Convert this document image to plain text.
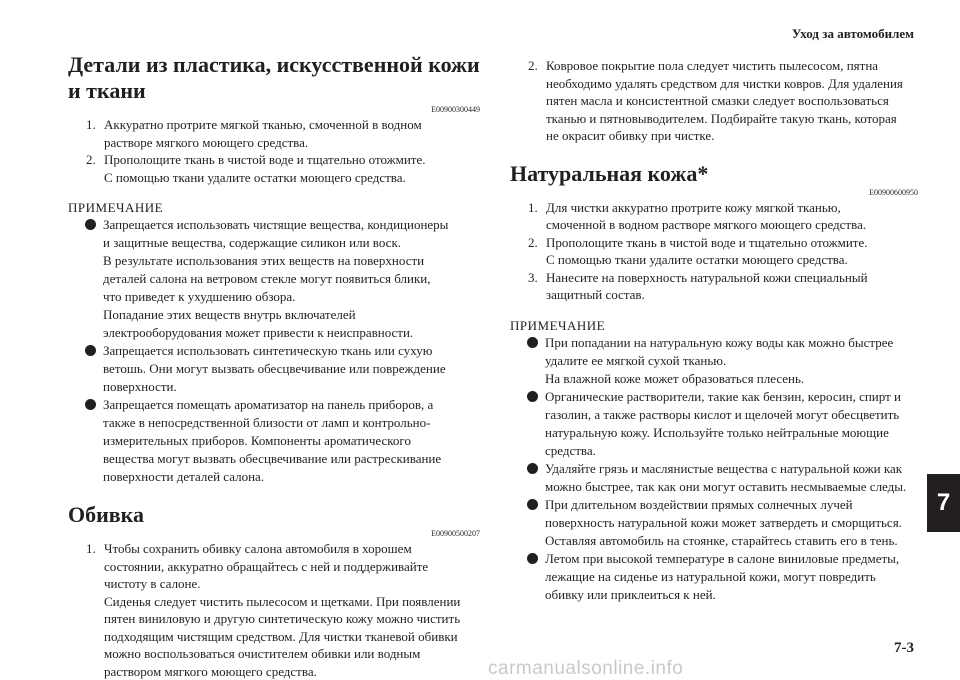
Уход за автомобилем
Детали из пластика, искусственной кожи
и ткани
E00900300449
1. Аккуратно протрите мягкой тканью, смоченной в водном
растворе мягкого моющего средства.
2. Прополощите ткань в чистой воде и тщательно отожмите.
С помощью ткани удалите остатки моющего средства.
ПРИМЕЧАНИЕ
Запрещается использовать чистящие вещества, кондиционеры
и защитные вещества, содержащие силикон или воск.
В результате использования этих веществ на поверхности
деталей салона на ветровом стекле могут появиться блики,
что приведет к ухудшению обзора.
Попадание этих веществ внутрь включателей
электрооборудования может привести к неисправности.
Запрещается использовать синтетическую ткань или сухую
ветошь. Они могут вызвать обесцвечивание или повреждение
поверхности.
Запрещается помещать ароматизатор на панель приборов, а
также в непосредственной близости от ламп и контрольно-
измерительных приборов. Компоненты ароматического
вещества могут вызвать обесцвечивание или растрескивание
поверхности деталей салона.
Обивка
E00900500207
1. Чтобы сохранить обивку салона автомобиля в хорошем
состоянии, аккуратно обращайтесь с ней и поддерживайте
чистоту в салоне.
Сиденья следует чистить пылесосом и щетками. При появлении
пятен виниловую и другую синтетическую кожу можно чистить
подходящим чистящим средством. Для чистки тканевой обивки
можно воспользоваться очистителем обивки или водным
раствором мягкого моющего средства.
2. Ковровое покрытие пола следует чистить пылесосом, пятна
необходимо удалять средством для чистки ковров. Для удаления
пятен масла и консистентной смазки следует воспользоваться
тканью и пятновыводителем. Подбирайте такую ткань, которая
не окрасит обивку при чистке.
Натуральная кожа*
E00900600950
1. Для чистки аккуратно протрите кожу мягкой тканью,
смоченной в водном растворе мягкого моющего средства.
2. Прополощите ткань в чистой воде и тщательно отожмите.
С помощью ткани удалите остатки моющего средства.
3. Нанесите на поверхность натуральной кожи специальный
защитный состав.
ПРИМЕЧАНИЕ
При попадании на натуральную кожу воды как можно быстрее
удалите ее мягкой сухой тканью.
На влажной коже может образоваться плесень.
Органические растворители, такие как бензин, керосин, спирт и
газолин, а также растворы кислот и щелочей могут обесцветить
натуральную кожу. Используйте только нейтральные моющие
средства.
Удаляйте грязь и маслянистые вещества с натуральной кожи как
можно быстрее, так как они могут оставить несмываемые следы.
При длительном воздействии прямых солнечных лучей
поверхность натуральной кожи может затвердеть и сморщиться.
Оставляя автомобиль на стоянке, старайтесь ставить его в тень.
Летом при высокой температуре в салоне виниловые предметы,
лежащие на сиденье из натуральной кожи, могут повредить
обивку или приклеиться к ней.
7
7-3
carmanualsonline.info
